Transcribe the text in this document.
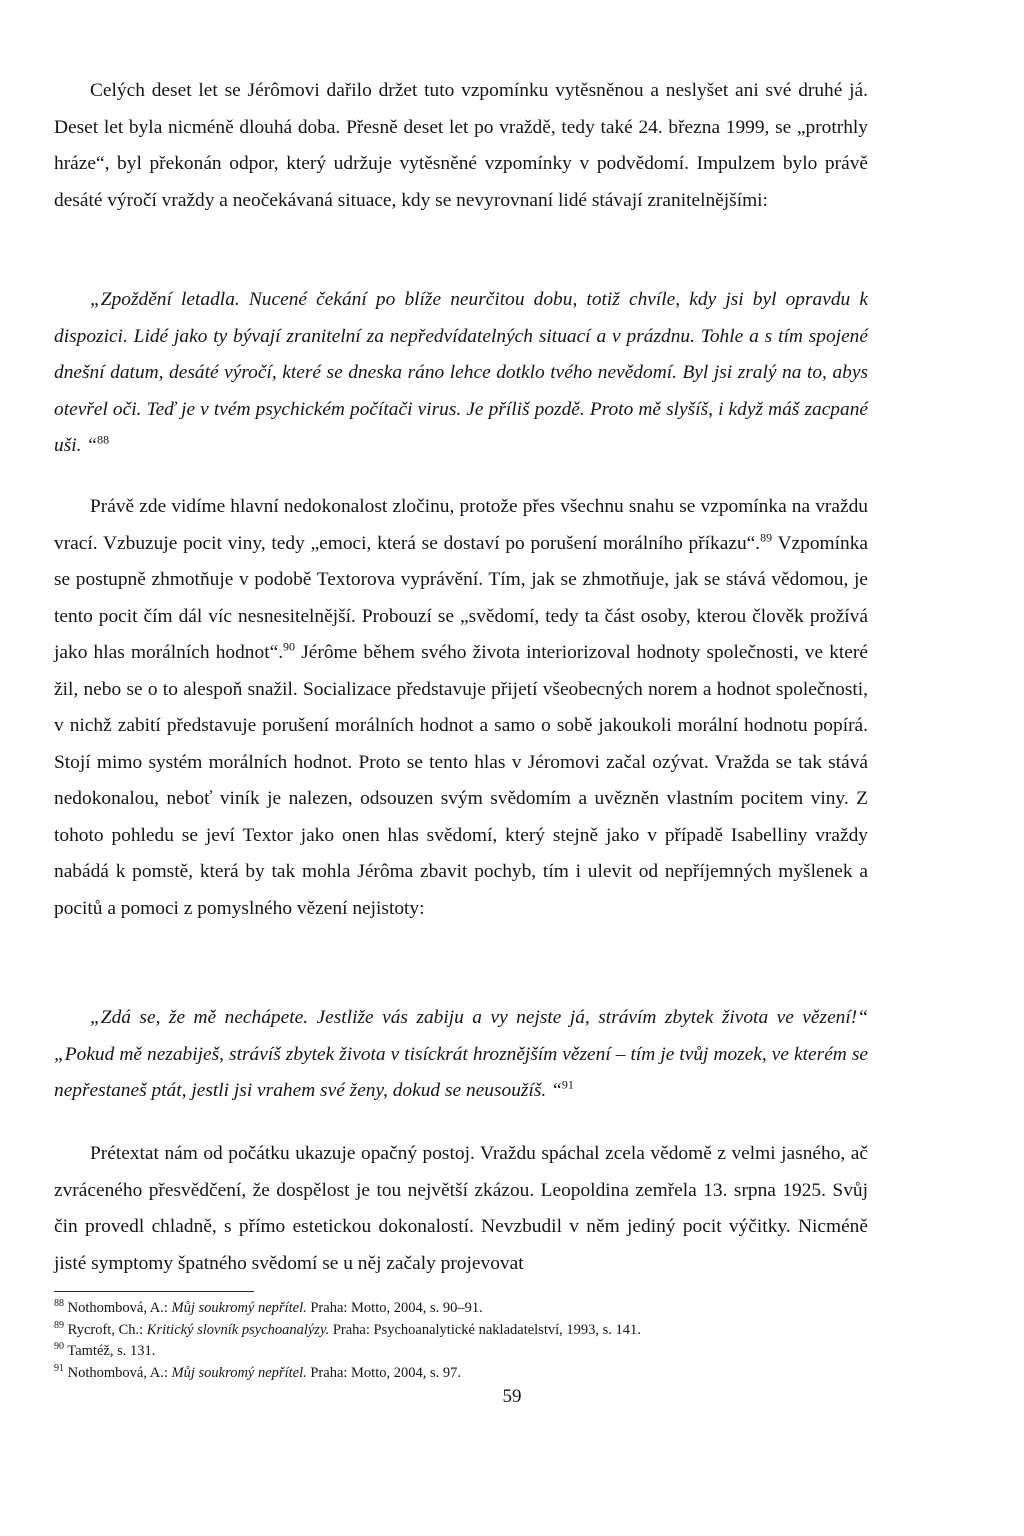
Celých deset let se Jérômovi dařilo držet tuto vzpomínku vytěsněnou a neslyšet ani své druhé já. Deset let byla nicméně dlouhá doba. Přesně deset let po vraždě, tedy také 24. března 1999, se „protrhly hráze“, byl překonán odpor, který udržuje vytěsněné vzpomínky v podvědomí. Impulzem bylo právě desáté výročí vraždy a neočekávaná situace, kdy se nevyrovnaní lidé stávají zranitelnějšími:

„Zpoždění letadla. Nucené čekání po blíže neurčitou dobu, totiž chvíle, kdy jsi byl opravdu k dispozici. Lidé jako ty bývají zranitelní za nepředvídatelných situací a v prázdnu. Tohle a s tím spojené dnešní datum, desáté výročí, které se dneska ráno lehce dotklo tvého nevědomí. Byl jsi zralý na to, abys otevřel oči. Teď je v tvém psychickém počítači virus. Je příliš pozdě. Proto mě slyšíš, i když máš zacpané uši. “$^{88}$

Právě zde vidíme hlavní nedokonalost zločinu, protože přes všechnu snahu se vzpomínka na vraždu vrací. Vzbuzuje pocit viny, tedy „emoci, která se dostaví po porušení morálního příkazu“.$^{89}$ Vzpomínka se postupně zhmotňuje v podobě Textorova vyprávění. Tím, jak se zhmotňuje, jak se stává vědomou, je tento pocit čím dál víc nesnesitelnější. Probouzí se „svědomí, tedy ta část osoby, kterou člověk prožívá jako hlas morálních hodnot“.$^{90}$ Jérôme během svého života interiorizoval hodnoty společnosti, ve které žil, nebo se o to alespoň snažil. Socializace představuje přijetí všeobecných norem a hodnot společnosti, v nichž zabití představuje porušení morálních hodnot a samo o sobě jakoukoli morální hodnotu popírá. Stojí mimo systém morálních hodnot. Proto se tento hlas v Jéromovi začal ozývat. Vražda se tak stává nedokonalou, neboť viník je nalezen, odsouzen svým svědomím a uvězněn vlastním pocitem viny. Z tohoto pohledu se jeví Textor jako onen hlas svědomí, který stejně jako v případě Isabelliny vraždy nabádá k pomstě, která by tak mohla Jérôma zbavit pochyb, tím i ulevit od nepříjemných myšlenek a pocitů a pomoci z pomyslného vězení nejistoty:

„Zdá se, že mě nechápete. Jestliže vás zabiju a vy nejste já, strávím zbytek života ve vězení!“ „Pokud mě nezabiješ, strávíš zbytek života v tisíckrát hroznějším vězení – tím je tvůj mozek, ve kterém se nepřestaneš ptát, jestli jsi vrahem své ženy, dokud se neusoužíš. “$^{91}$

Prétextat nám od počátku ukazuje opačný postoj. Vraždu spáchal zcela vědomě z velmi jasného, ač zvráceného přesvědčení, že dospělost je tou největší zkázou. Leopoldina zemřela 13. srpna 1925. Svůj čin provedl chladně, s přímo estetickou dokonalostí. Nevzbudil v něm jediný pocit výčitky. Nicméně jisté symptomy špatného svědomí se u něj začaly projevovat

$^{88}$ Nothombová, A.: Můj soukromý nepřítel. Praha: Motto, 2004, s. 90–91.

$^{89}$ Rycroft, Ch.: Kritický slovník psychoanalýzy. Praha: Psychoanalytické nakladatelství, 1993, s. 141.

$^{90}$ Tamtéž, s. 131.

$^{91}$ Nothombová, A.: Můj soukromý nepřítel. Praha: Motto, 2004, s. 97.

59
